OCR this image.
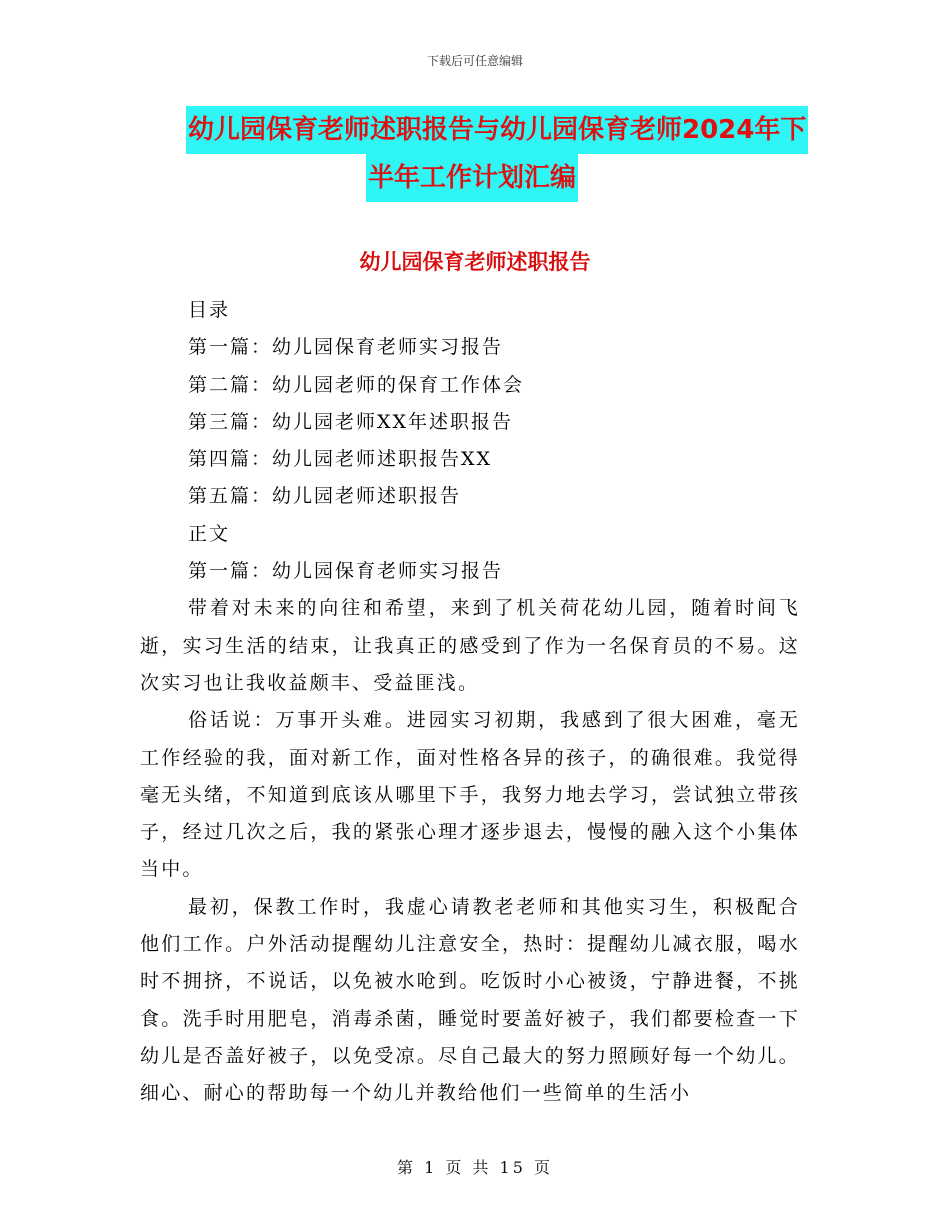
下载后可任意编辑
幼儿园保育老师述职报告与幼儿园保育老师2024年下
半年工作计划汇编
幼儿园保育老师述职报告

目录

第一篇：幼儿园保育老师实习报告

第二篇：幼儿园老师的保育工作体会

第三篇：幼儿园老师XX年述职报告

第四篇：幼儿园老师述职报告XX

第五篇：幼儿园老师述职报告

正文

第一篇：幼儿园保育老师实习报告

带着对未来的向往和希望，来到了机关荷花幼儿园，随着时间飞逝，实习生活的结束，让我真正的感受到了作为一名保育员的不易。这次实习也让我收益颇丰、受益匪浅。

俗话说：万事开头难。进园实习初期，我感到了很大困难，毫无工作经验的我，面对新工作，面对性格各异的孩子，的确很难。我觉得毫无头绪，不知道到底该从哪里下手，我努力地去学习，尝试独立带孩子，经过几次之后，我的紧张心理才逐步退去，慢慢的融入这个小集体当中。

最初，保教工作时，我虚心请教老老师和其他实习生，积极配合他们工作。户外活动提醒幼儿注意安全，热时：提醒幼儿减衣服，喝水时不拥挤，不说话，以免被水呛到。吃饭时小心被烫，宁静进餐，不挑食。洗手时用肥皂，消毒杀菌，睡觉时要盖好被子，我们都要检查一下幼儿是否盖好被子，以免受凉。尽自己最大的努力照顾好每一个幼儿。细心、耐心的帮助每一个幼儿并教给他们一些简单的生活小

第 1 页 共 15 页
